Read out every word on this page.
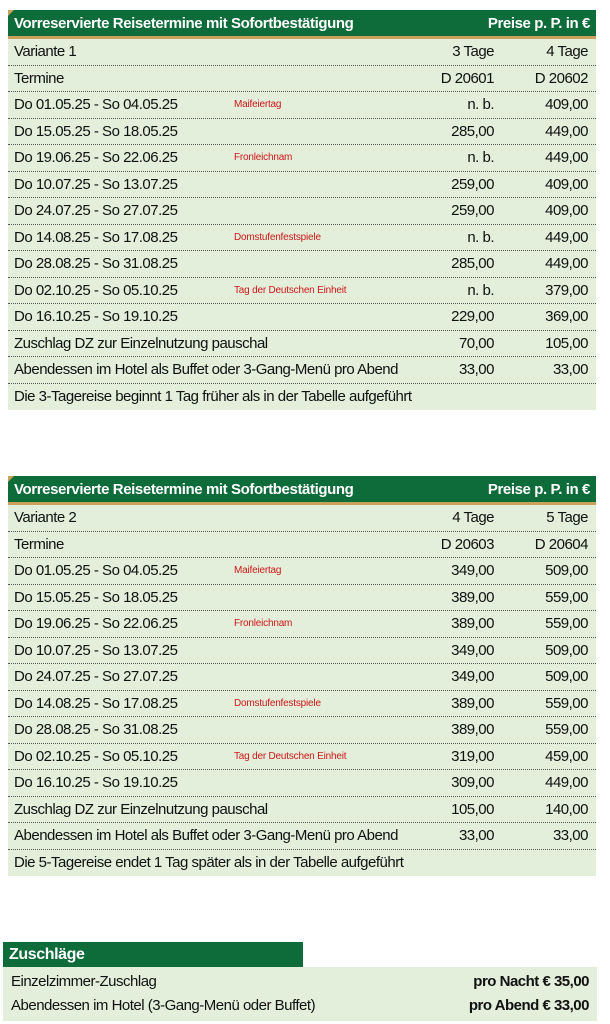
Vorreservierte Reisetermine mit Sofortbestätigung	Preise p. P. in €
Variante 1	3 Tage	4 Tage
Termine	D 20601	D 20602
Do 01.05.25 - So 04.05.25	Maifeiertag	n. b.	409,00
Do 15.05.25 - So 18.05.25	285,00	449,00
Do 19.06.25 - So 22.06.25	Fronleichnam	n. b.	449,00
Do 10.07.25 - So 13.07.25	259,00	409,00
Do 24.07.25 - So 27.07.25	259,00	409,00
Do 14.08.25 - So 17.08.25	Domstufenfestspiele	n. b.	449,00
Do 28.08.25 - So 31.08.25	285,00	449,00
Do 02.10.25 - So 05.10.25	Tag der Deutschen Einheit	n. b.	379,00
Do 16.10.25 - So 19.10.25	229,00	369,00
Zuschlag DZ zur Einzelnutzung pauschal	70,00	105,00
Abendessen im Hotel als Buffet oder 3-Gang-Menü pro Abend	33,00	33,00
Die 3-Tagereise beginnt 1 Tag früher als in der Tabelle aufgeführt
Vorreservierte Reisetermine mit Sofortbestätigung	Preise p. P. in €
Variante 2	4 Tage	5 Tage
Termine	D 20603	D 20604
Do 01.05.25 - So 04.05.25	Maifeiertag	349,00	509,00
Do 15.05.25 - So 18.05.25	389,00	559,00
Do 19.06.25 - So 22.06.25	Fronleichnam	389,00	559,00
Do 10.07.25 - So 13.07.25	349,00	509,00
Do 24.07.25 - So 27.07.25	349,00	509,00
Do 14.08.25 - So 17.08.25	Domstufenfestspiele	389,00	559,00
Do 28.08.25 - So 31.08.25	389,00	559,00
Do 02.10.25 - So 05.10.25	Tag der Deutschen Einheit	319,00	459,00
Do 16.10.25 - So 19.10.25	309,00	449,00
Zuschlag DZ zur Einzelnutzung pauschal	105,00	140,00
Abendessen im Hotel als Buffet oder 3-Gang-Menü pro Abend	33,00	33,00
Die 5-Tagereise endet 1 Tag später als in der Tabelle aufgeführt
Zuschläge
Einzelzimmer-Zuschlag	pro Nacht € 35,00
Abendessen im Hotel (3-Gang-Menü oder Buffet)	pro Abend € 33,00
